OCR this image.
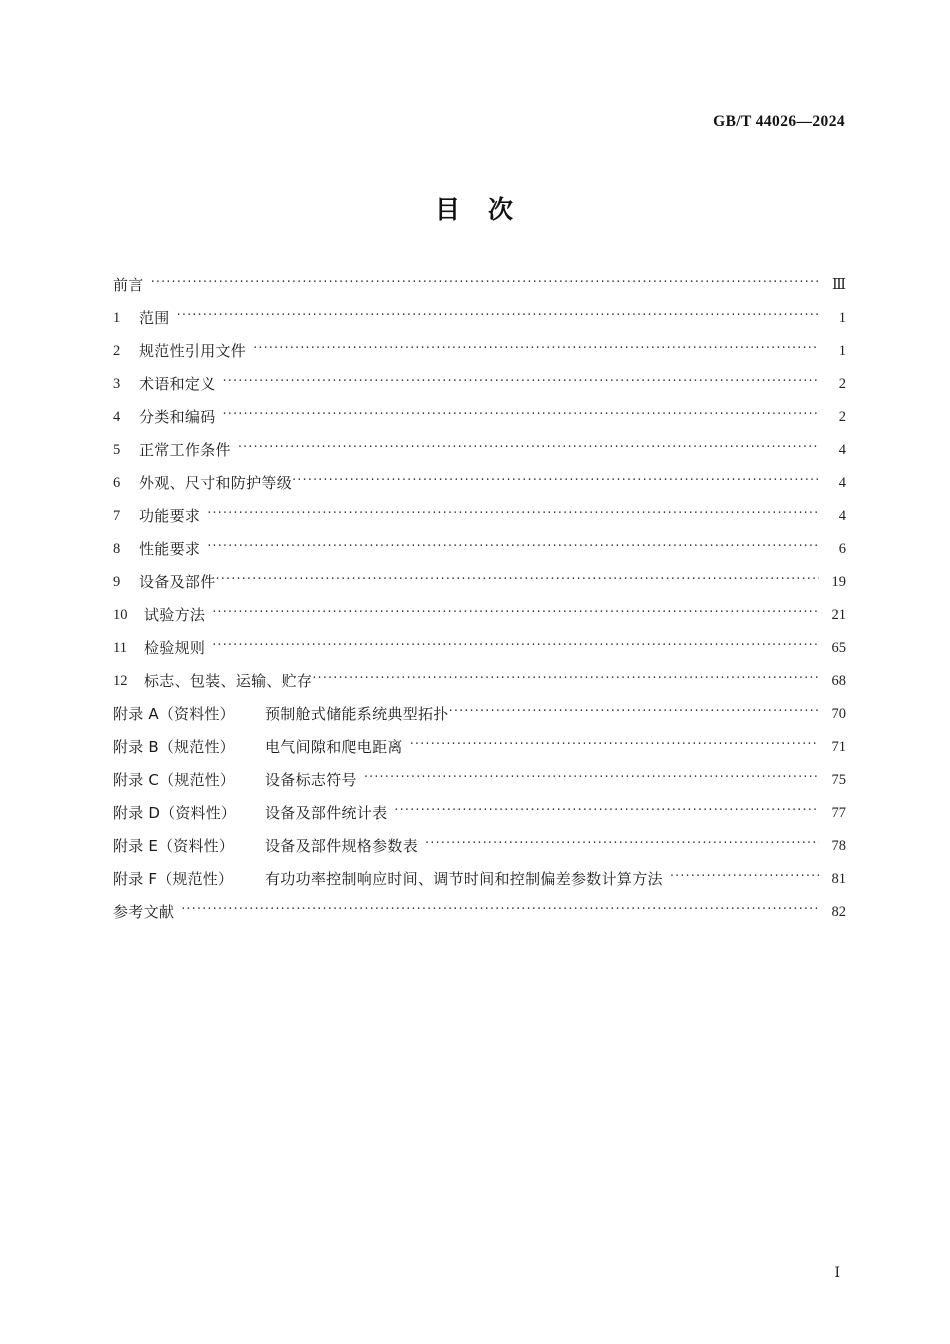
GB/T 44026—2024
目 次
前言 ·····	Ⅲ
1	范围 ·····	1
2	规范性引用文件 ·····	1
3	术语和定义 ·····	2
4	分类和编码 ·····	2
5	正常工作条件 ·····	4
6	外观、尺寸和防护等级 ·····	4
7	功能要求 ·····	4
8	性能要求 ·····	6
9	设备及部件 ·····	19
10	试验方法 ·····	21
11	检验规则 ·····	65
12	标志、包装、运输、贮存 ·····	68
附录 A（资料性）	预制舱式储能系统典型拓扑 ·····	70
附录 B（规范性）	电气间隙和爬电距离 ·····	71
附录 C（规范性）	设备标志符号 ·····	75
附录 D（资料性）	设备及部件统计表 ·····	77
附录 E（资料性）	设备及部件规格参数表 ·····	78
附录 F（规范性）	有功功率控制响应时间、调节时间和控制偏差参数计算方法 ·····	81
参考文献 ·····	82
Ⅰ
